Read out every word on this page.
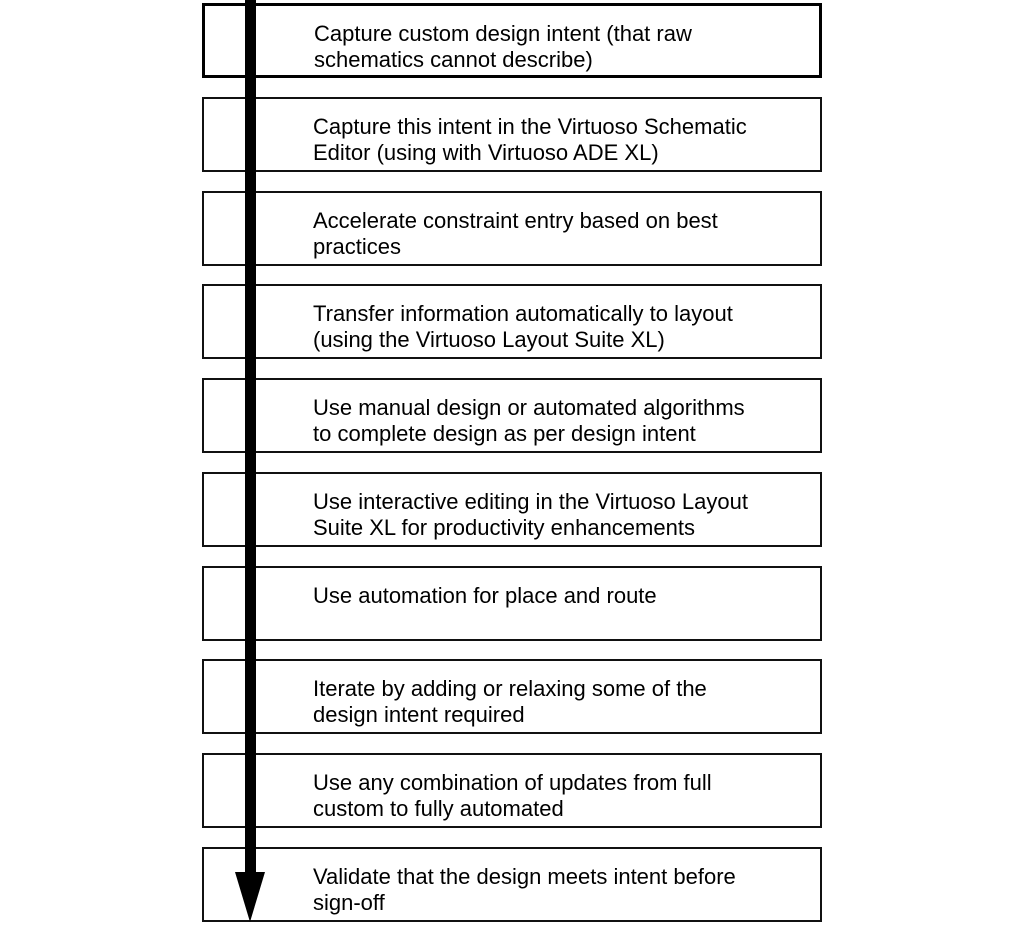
Capture custom design intent (that raw
schematics cannot describe)
Capture this intent in the Virtuoso Schematic
Editor (using with Virtuoso ADE XL)
Accelerate constraint entry based on best
practices
Transfer information automatically to layout
(using the Virtuoso Layout Suite XL)
Use manual design or automated algorithms
to complete design as per design intent
Use interactive editing in the Virtuoso Layout
Suite XL for productivity enhancements
Use automation for place and route
Iterate by adding or relaxing some of the
design intent required
Use any combination of updates from full
custom to fully automated
Validate that the design meets intent before
sign-off
